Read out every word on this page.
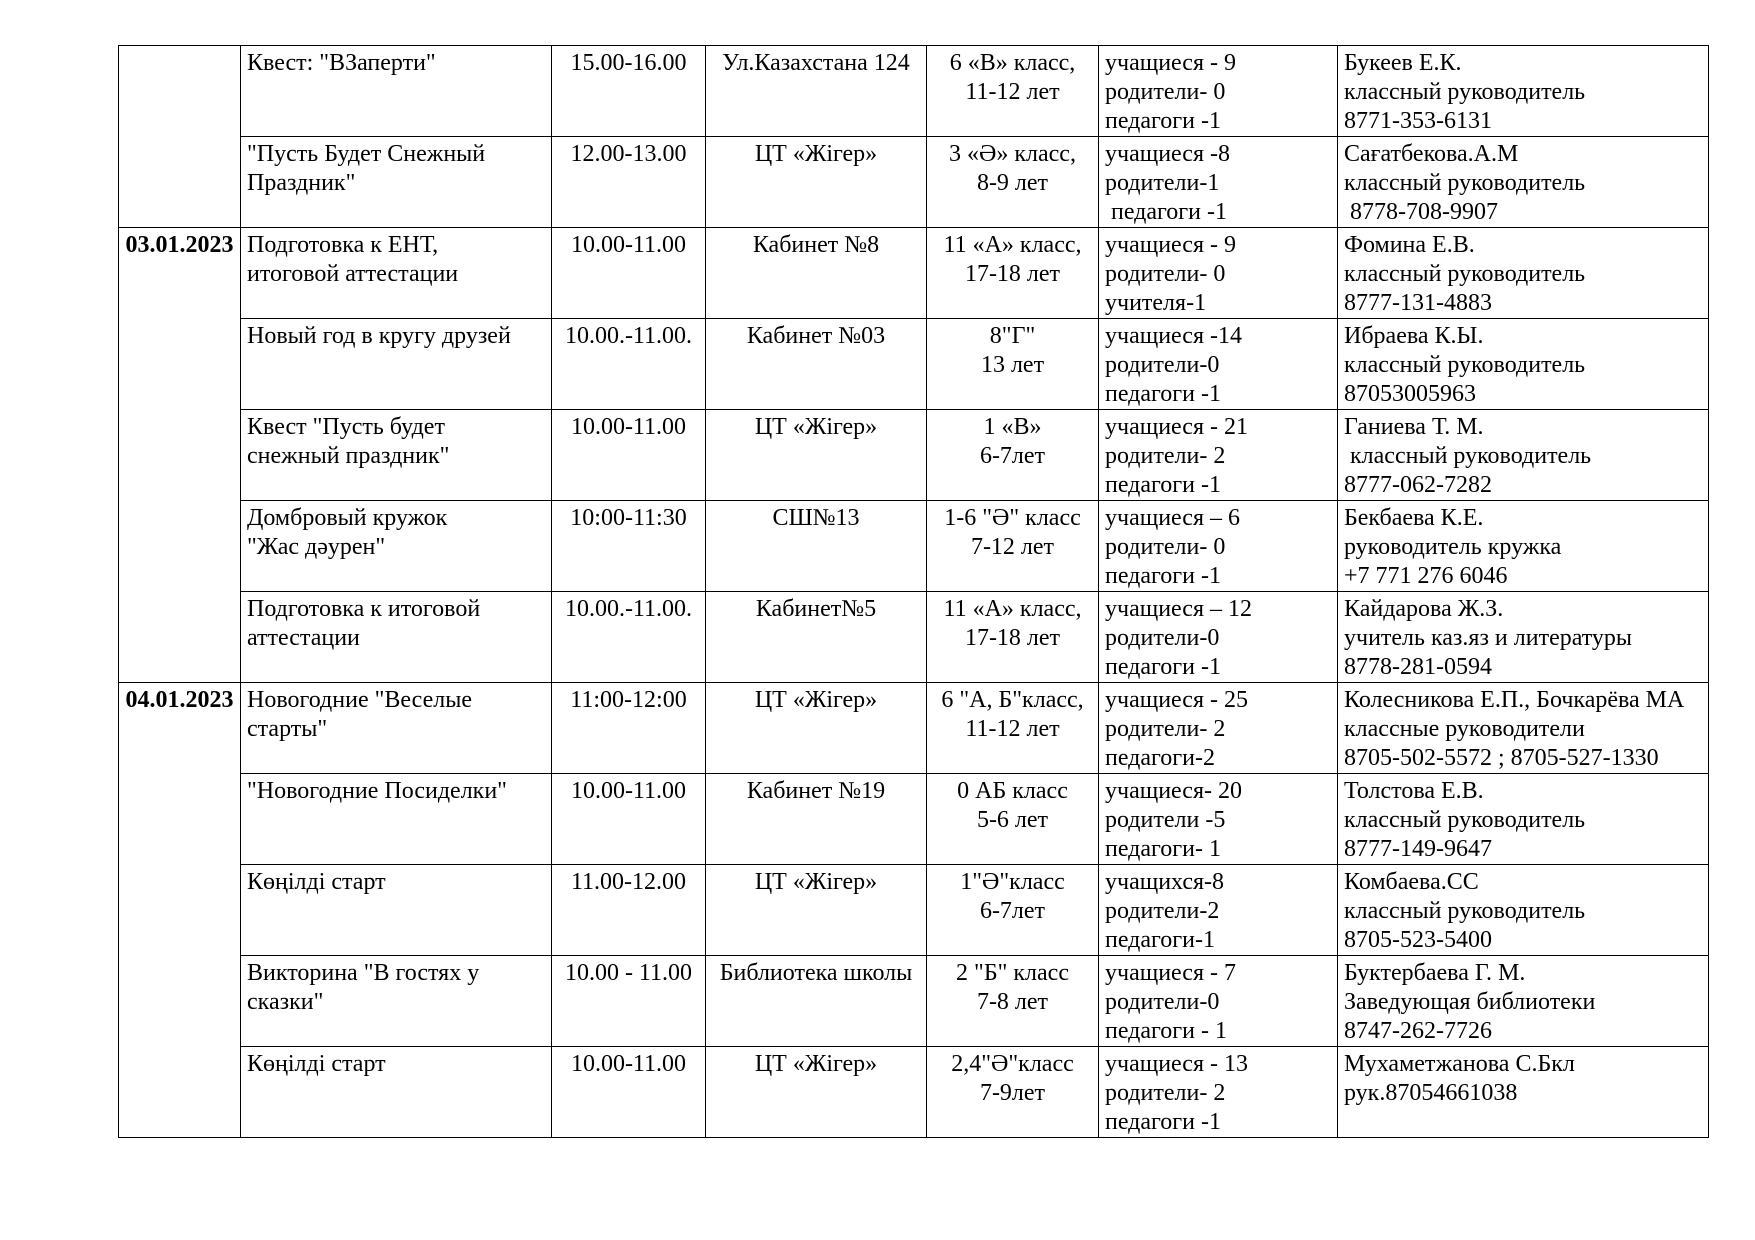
	Квест: "ВЗаперти"	15.00-16.00	Ул.Казахстана 124	6 «В» класс,
11-12 лет	учащиеся - 9
родители- 0
педагоги -1	Букеев Е.К.
классный руководитель
8771-353-6131

	"Пусть Будет Снежный
Праздник"	12.00-13.00	ЦТ «Жігер»	3 «Ә» класс,
8-9 лет	учащиеся -8
родители-1
педагоги -1	Сағатбекова.А.М
классный руководитель
8778-708-9907

03.01.2023	Подготовка к ЕНТ,
итоговой аттестации	10.00-11.00	Кабинет №8	11 «А» класс,
17-18 лет	учащиеся - 9
родители- 0
учителя-1	Фомина Е.В.
классный руководитель
8777-131-4883

	Новый год в кругу друзей	10.00.-11.00.	Кабинет №03	8"Г"
13 лет	учащиеся -14
родители-0
педагоги -1	Ибраева К.Ы.
классный руководитель
87053005963

	Квест "Пусть будет
снежный праздник"	10.00-11.00	ЦТ «Жігер»	1 «В»
6-7лет	учащиеся - 21
родители- 2
педагоги -1	Ганиева Т. М.
классный руководитель
8777-062-7282

	Домбровый кружок
"Жас дәурен"	10:00-11:30	СШ№13	1-6 "Ә" класс
7-12 лет	учащиеся – 6
родители- 0
педагоги -1	Бекбаева К.Е.
руководитель кружка
+7 771 276 6046

	Подготовка к итоговой
аттестации	10.00.-11.00.	Кабинет№5	11 «А» класс,
17-18 лет	учащиеся – 12
родители-0
педагоги -1	Кайдарова Ж.З.
учитель каз.яз и литературы
8778-281-0594

04.01.2023	Новогодние "Веселые
старты"	11:00-12:00	ЦТ «Жігер»	6 "А, Б"класс,
11-12 лет	учащиеся - 25
родители- 2
педагоги-2	Колесникова Е.П., Бочкарёва МА
классные руководители
8705-502-5572 ; 8705-527-1330

	"Новогодние Посиделки"	10.00-11.00	Кабинет №19	0 АБ класс
5-6 лет	учащиеся- 20
родители -5
педагоги- 1	Толстова Е.В.
классный руководитель
8777-149-9647

	Көңілді старт	11.00-12.00	ЦТ «Жігер»	1"Ә"класс
6-7лет	учащихся-8
родители-2
педагоги-1	Комбаева.СС
классный руководитель
8705-523-5400

	Викторина "В гостях у
сказки"	10.00 - 11.00	Библиотека школы	2 "Б" класс
7-8 лет	учащиеся - 7
родители-0
педагоги - 1	Буктербаева Г. М.
Заведующая библиотеки
8747-262-7726

	Көңілді старт	10.00-11.00	ЦТ «Жігер»	2,4"Ә"класс
7-9лет	учащиеся - 13
родители- 2
педагоги -1	Мухаметжанова С.Бкл
рук.87054661038
